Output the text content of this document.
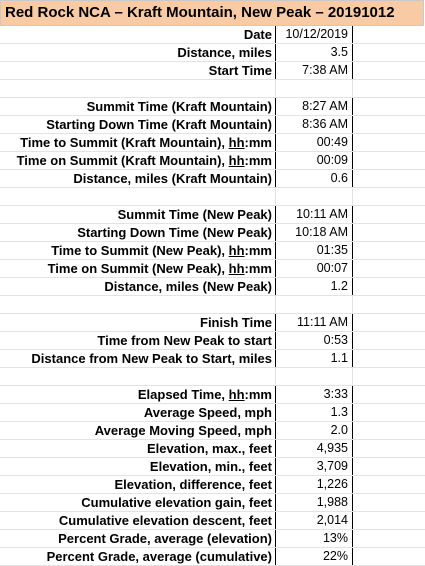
Red Rock NCA – Kraft Mountain, New Peak – 20191012
Date	10/12/2019
Distance, miles	3.5
Start Time	7:38 AM
Summit Time (Kraft Mountain)	8:27 AM
Starting Down Time (Kraft Mountain)	8:36 AM
Time to Summit (Kraft Mountain), hh:mm	00:49
Time on Summit (Kraft Mountain), hh:mm	00:09
Distance, miles (Kraft Mountain)	0.6
Summit Time (New Peak)	10:11 AM
Starting Down Time (New Peak)	10:18 AM
Time to Summit (New Peak), hh:mm	01:35
Time on Summit (New Peak), hh:mm	00:07
Distance, miles (New Peak)	1.2
Finish Time	11:11 AM
Time from New Peak to start	0:53
Distance from New Peak to Start, miles	1.1
Elapsed Time, hh:mm	3:33
Average Speed, mph	1.3
Average Moving Speed, mph	2.0
Elevation, max., feet	4,935
Elevation, min., feet	3,709
Elevation, difference, feet	1,226
Cumulative elevation gain, feet	1,988
Cumulative elevation descent, feet	2,014
Percent Grade, average (elevation)	13%
Percent Grade, average (cumulative)	22%
